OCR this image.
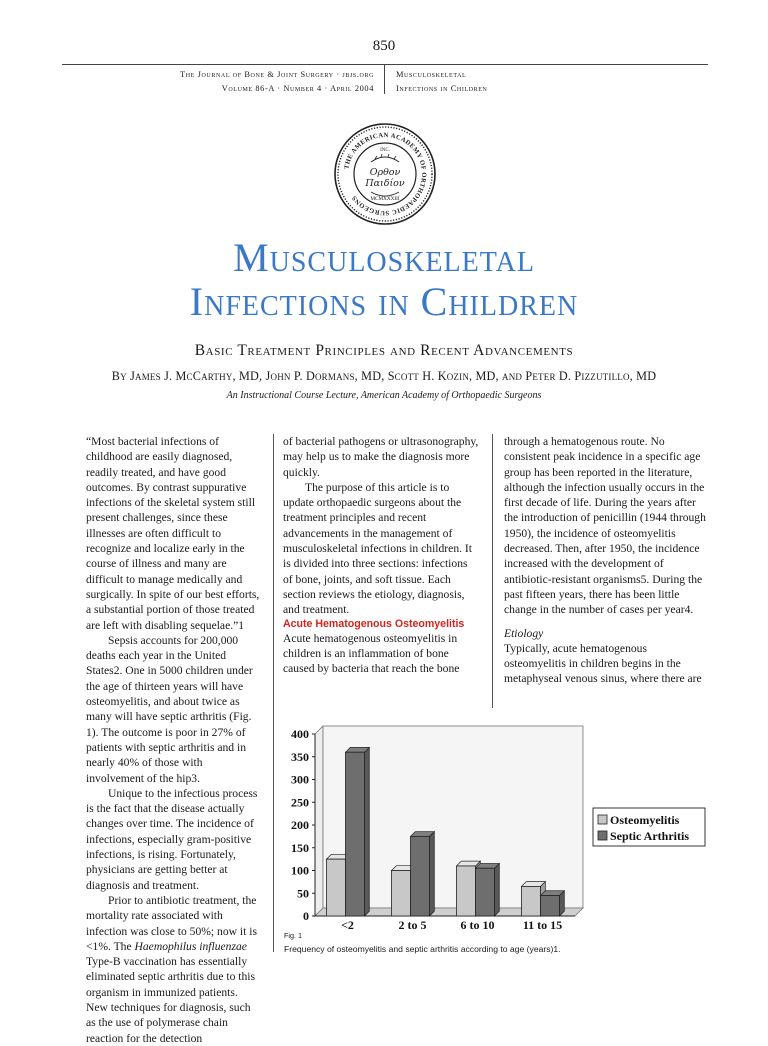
850
The Journal of Bone & Joint Surgery · jbjs.org
Volume 86-A · Number 4 · April 2004
Musculoskeletal
Infections in Children
THE AMERICAN ACADEMY OF ORTHOPAEDIC SURGEONS
INC.
Ορθον
Παιδίον
MCMXXXIII
Musculoskeletal
Infections in Children
Basic Treatment Principles and Recent Advancements
By James J. McCarthy, MD, John P. Dormans, MD, Scott H. Kozin, MD, and Peter D. Pizzutillo, MD
An Instructional Course Lecture, American Academy of Orthopaedic Surgeons

“Most bacterial infections of childhood are easily diagnosed, readily treated, and have good outcomes. By contrast suppurative infections of the skeletal system still present challenges, since these illnesses are often difficult to recognize and localize early in the course of illness and many are difficult to manage medically and surgically. In spite of our best efforts, a substantial portion of those treated are left with disabling sequelae.”1

Sepsis accounts for 200,000 deaths each year in the United States2. One in 5000 children under the age of thirteen years will have osteomyelitis, and about twice as many will have septic arthritis (Fig. 1). The outcome is poor in 27% of patients with septic arthritis and in nearly 40% of those with involvement of the hip3.

Unique to the infectious process is the fact that the disease actually changes over time. The incidence of infections, especially gram-positive infections, is rising. Fortunately, physicians are getting better at diagnosis and treatment.

Prior to antibiotic treatment, the mortality rate associated with infection was close to 50%; now it is <1%. The Haemophilus influenzae Type-B vaccination has essentially eliminated septic arthritis due to this organism in immunized patients. New techniques for diagnosis, such as the use of polymerase chain reaction for the detection

of bacterial pathogens or ultrasonography, may help us to make the diagnosis more quickly.

The purpose of this article is to update orthopaedic surgeons about the treatment principles and recent advancements in the management of musculoskeletal infections in children. It is divided into three sections: infections of bone, joints, and soft tissue. Each section reviews the etiology, diagnosis, and treatment.

Acute Hematogenous Osteomyelitis

Acute hematogenous osteomyelitis in children is an inflammation of bone caused by bacteria that reach the bone

through a hematogenous route. No consistent peak incidence in a specific age group has been reported in the literature, although the infection usually occurs in the first decade of life. During the years after the introduction of penicillin (1944 through 1950), the incidence of osteomyelitis decreased. Then, after 1950, the incidence increased with the development of antibiotic-resistant organisms5. During the past fifteen years, there has been little change in the number of cases per year4.

Etiology

Typically, acute hematogenous osteomyelitis in children begins in the metaphyseal venous sinus, where there are

0
50
100
150
200
250
300
350
400
<2	2 to 5	6 to 10 11 to 15
Osteomyelitis
Septic Arthritis
Fig. 1
Frequency of osteomyelitis and septic arthritis according to age (years)1.
